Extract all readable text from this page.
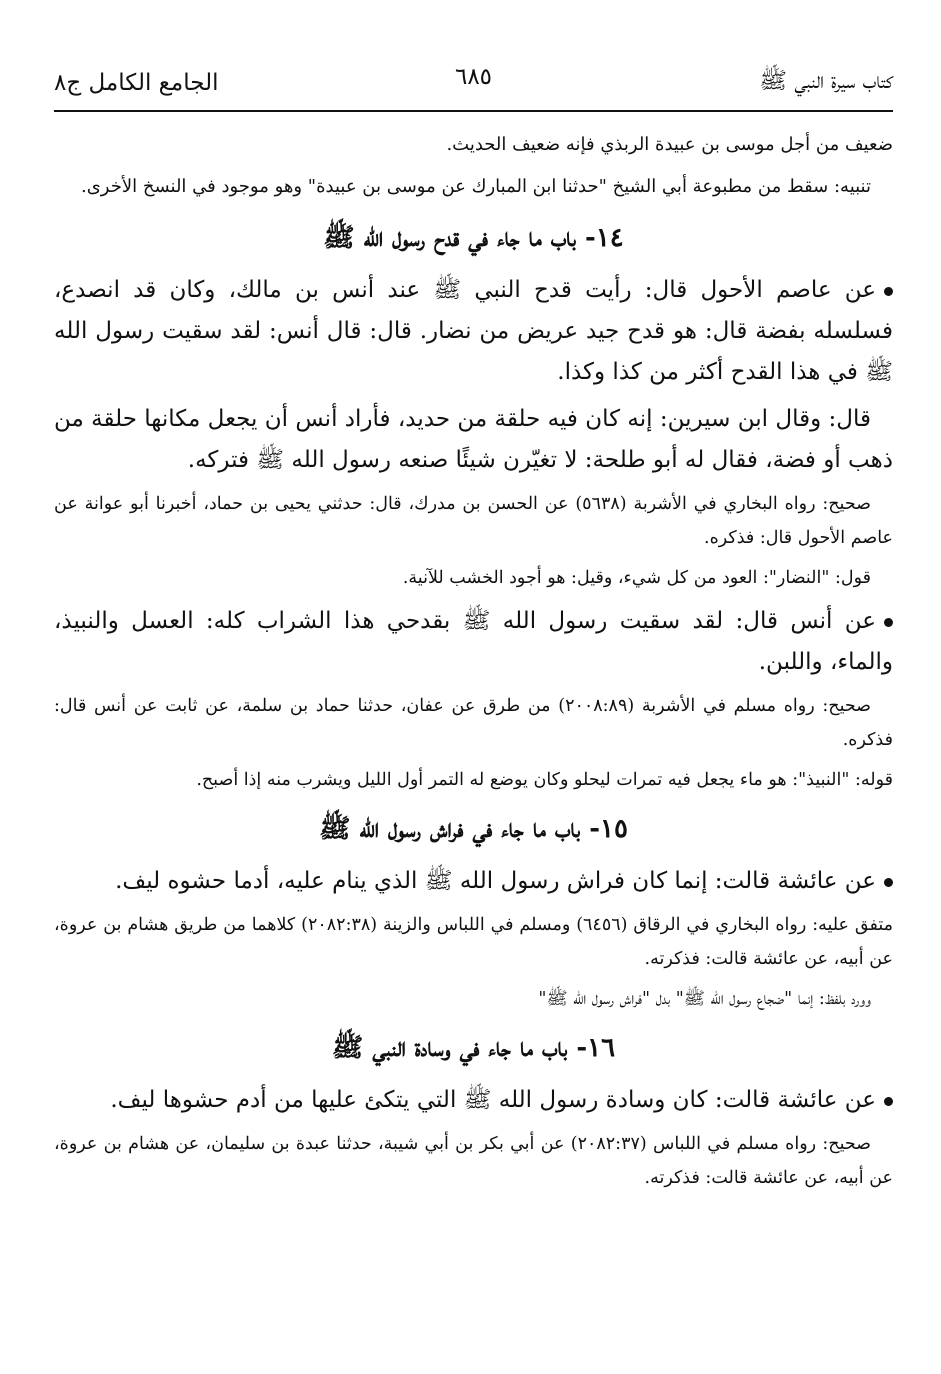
كتاب سيرة النبي ﷺ
٦٨٥
الجامع الكامل ج٨

ضعيف من أجل موسى بن عبيدة الربذي فإنه ضعيف الحديث.

تنبيه: سقط من مطبوعة أبي الشيخ "حدثنا ابن المبارك عن موسى بن عبيدة" وهو موجود في النسخ الأخرى.

١٤- باب ما جاء في قدح رسول الله ﷺ

عن عاصم الأحول قال: رأيت قدح النبي ﷺ عند أنس بن مالك، وكان قد انصدع، فسلسله بفضة قال: هو قدح جيد عريض من نضار. قال: قال أنس: لقد سقيت رسول الله ﷺ في هذا القدح أكثر من كذا وكذا.

قال: وقال ابن سيرين: إنه كان فيه حلقة من حديد، فأراد أنس أن يجعل مكانها حلقة من ذهب أو فضة، فقال له أبو طلحة: لا تغيّرن شيئًا صنعه رسول الله ﷺ فتركه.

صحيح: رواه البخاري في الأشربة (٥٦٣٨) عن الحسن بن مدرك، قال: حدثني يحيى بن حماد، أخبرنا أبو عوانة عن عاصم الأحول قال: فذكره.

قول: "النضار": العود من كل شيء، وقيل: هو أجود الخشب للآنية.

عن أنس قال: لقد سقيت رسول الله ﷺ بقدحي هذا الشراب كله: العسل والنبيذ، والماء، واللبن.

صحيح: رواه مسلم في الأشربة (٢٠٠٨:٨٩) من طرق عن عفان، حدثنا حماد بن سلمة، عن ثابت عن أنس قال: فذكره.

قوله: "النبيذ": هو ماء يجعل فيه تمرات ليحلو وكان يوضع له التمر أول الليل ويشرب منه إذا أصبح.

١٥- باب ما جاء في فراش رسول الله ﷺ

عن عائشة قالت: إنما كان فراش رسول الله ﷺ الذي ينام عليه، أدما حشوه ليف.

متفق عليه: رواه البخاري في الرقاق (٦٤٥٦) ومسلم في اللباس والزينة (٢٠٨٢:٣٨) كلاهما من طريق هشام بن عروة، عن أبيه، عن عائشة قالت: فذكرته.

وورد بلفظ: إنما "ضجاع رسول الله ﷺ" بدل "فراش رسول الله ﷺ"

١٦- باب ما جاء في وسادة النبي ﷺ

عن عائشة قالت: كان وسادة رسول الله ﷺ التي يتكئ عليها من أدم حشوها ليف.

صحيح: رواه مسلم في اللباس (٢٠٨٢:٣٧) عن أبي بكر بن أبي شيبة، حدثنا عبدة بن سليمان، عن هشام بن عروة، عن أبيه، عن عائشة قالت: فذكرته.
